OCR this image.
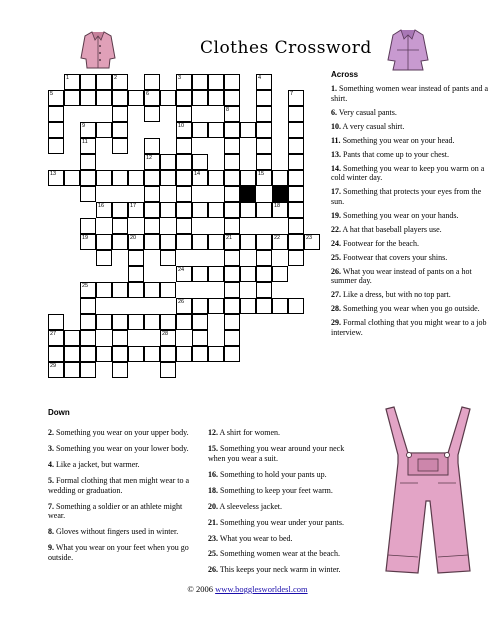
Clothes Crossword
1	2	3	4
5	6	7
8
9	10
11
12
13	14	15
16	17	18
19	20	21	22	23
24
25
26
27	28
29
Across
1. Something women wear instead of pants and a shirt.
6. Very casual pants.
10. A very casual shirt.
11. Something you wear on your head.
13. Pants that come up to your chest.
14. Something you wear to keep you warm on a cold winter day.
17. Something that protects your eyes from the sun.
19. Something you wear on your hands.
22. A hat that baseball players use.
24. Footwear for the beach.
25. Footwear that covers your shins.
26. What you wear instead of pants on a hot summer day.
27. Like a dress, but with no top part.
28. Something you wear when you go outside.
29. Formal clothing that you might wear to a job interview.
Down
2. Something you wear on your upper body.
3. Something you wear on your lower body.
4. Like a jacket, but warmer.
5. Formal clothing that men might wear to a wedding or graduation.
7. Something a soldier or an athlete might wear.
8. Gloves without fingers used in winter.
9. What you wear on your feet when you go outside.
12. A shirt for women.
15. Something you wear around your neck when you wear a suit.
16. Something to hold your pants up.
18. Something to keep your feet warm.
20. A sleeveless jacket.
21. Something you wear under your pants.
23. What you wear to bed.
25. Something women wear at the beach.
26. This keeps your neck warm in winter.
© 2006 www.bogglesworldesl.com
